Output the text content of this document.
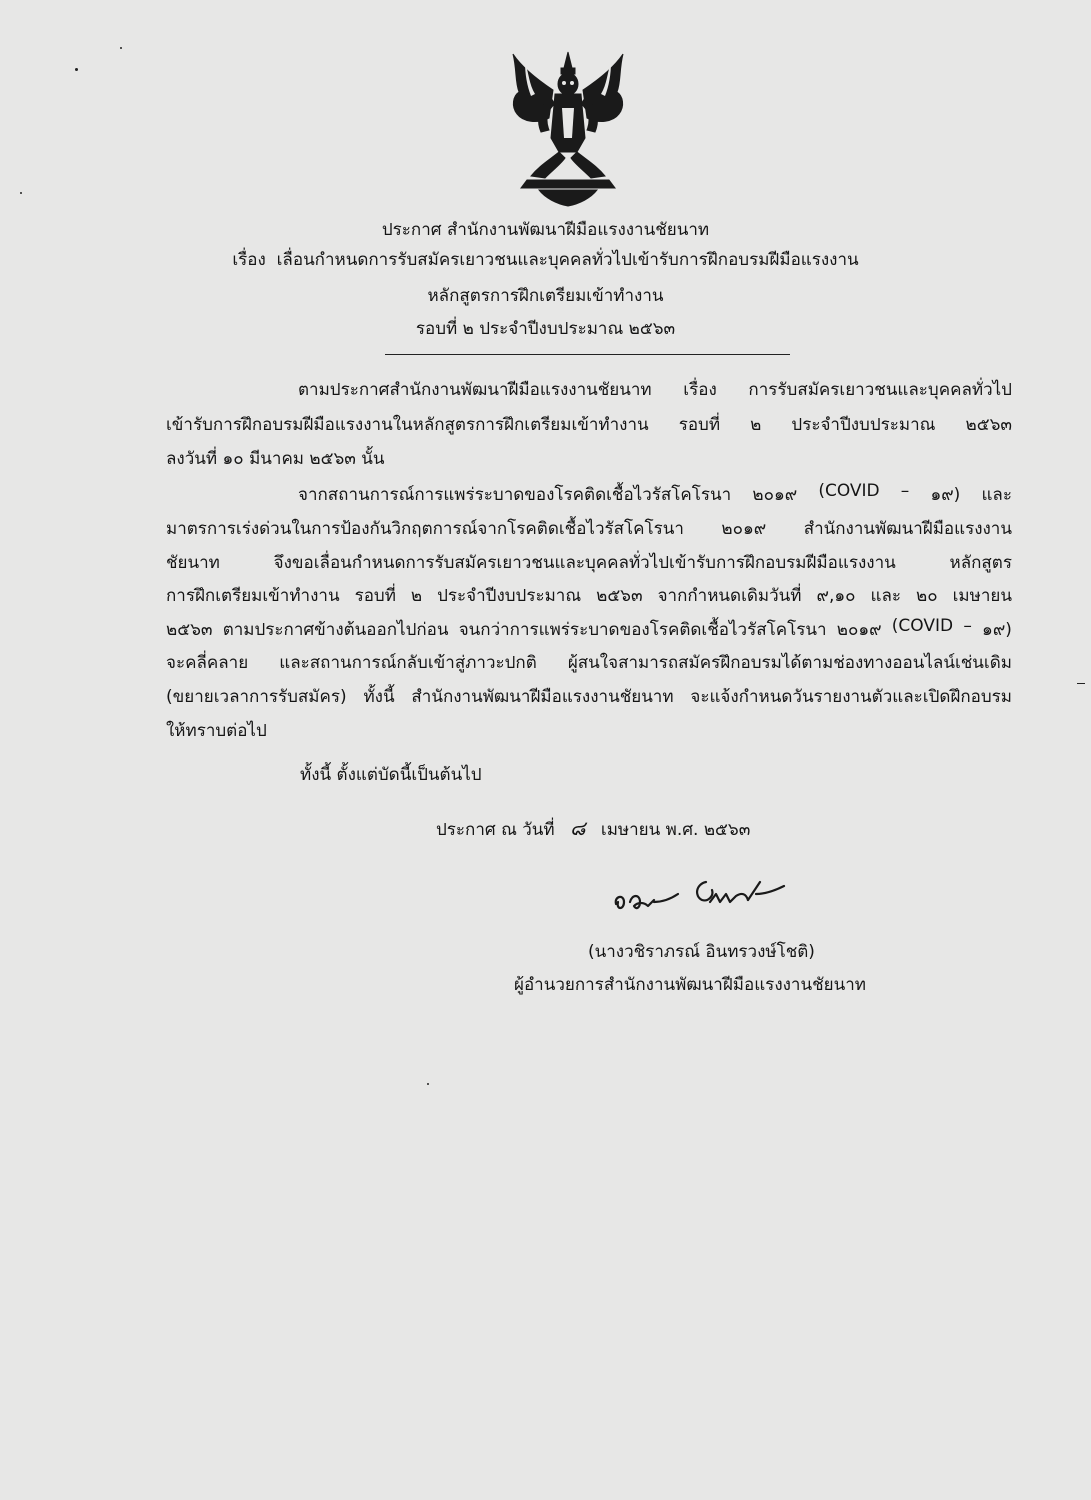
ประกาศ สำนักงานพัฒนาฝีมือแรงงานชัยนาท
เรื่อง เลื่อนกำหนดการรับสมัครเยาวชนและบุคคลทั่วไปเข้ารับการฝึกอบรมฝีมือแรงงาน
หลักสูตรการฝึกเตรียมเข้าทำงาน
รอบที่ ๒ ประจำปีงบประมาณ ๒๕๖๓
ตามประกาศสำนักงานพัฒนาฝีมือแรงงานชัยนาท เรื่อง การรับสมัครเยาวชนและบุคคลทั่วไป
เข้ารับการฝึกอบรมฝีมือแรงงานในหลักสูตรการฝึกเตรียมเข้าทำงาน รอบที่ ๒ ประจำปีงบประมาณ ๒๕๖๓
ลงวันที่ ๑๐ มีนาคม ๒๕๖๓ นั้น
จากสถานการณ์การแพร่ระบาดของโรคติดเชื้อไวรัสโคโรนา ๒๐๑๙ (COVID – ๑๙) และ
มาตรการเร่งด่วนในการป้องกันวิกฤตการณ์จากโรคติดเชื้อไวรัสโคโรนา ๒๐๑๙ สำนักงานพัฒนาฝีมือแรงงาน
ชัยนาท	จึงขอเลื่อนกำหนดการรับสมัครเยาวชนและบุคคลทั่วไปเข้ารับการฝึกอบรมฝีมือแรงงาน	หลักสูตร
การฝึกเตรียมเข้าทำงาน รอบที่ ๒ ประจำปีงบประมาณ ๒๕๖๓ จากกำหนดเดิมวันที่ ๙,๑๐ และ ๒๐ เมษายน
๒๕๖๓ ตามประกาศข้างต้นออกไปก่อน จนกว่าการแพร่ระบาดของโรคติดเชื้อไวรัสโคโรนา ๒๐๑๙ (COVID – ๑๙)
จะคลี่คลาย และสถานการณ์กลับเข้าสู่ภาวะปกติ ผู้สนใจสามารถสมัครฝึกอบรมได้ตามช่องทางออนไลน์เช่นเดิม
(ขยายเวลาการรับสมัคร) ทั้งนี้ สำนักงานพัฒนาฝีมือแรงงานชัยนาท จะแจ้งกำหนดวันรายงานตัวและเปิดฝึกอบรม
ให้ทราบต่อไป
ทั้งนี้ ตั้งแต่บัดนี้เป็นต้นไป
ประกาศ ณ วันที่ ๘ เมษายน พ.ศ. ๒๕๖๓
(นางวชิราภรณ์ อินทรวงษ์โชติ)
ผู้อำนวยการสำนักงานพัฒนาฝีมือแรงงานชัยนาท
